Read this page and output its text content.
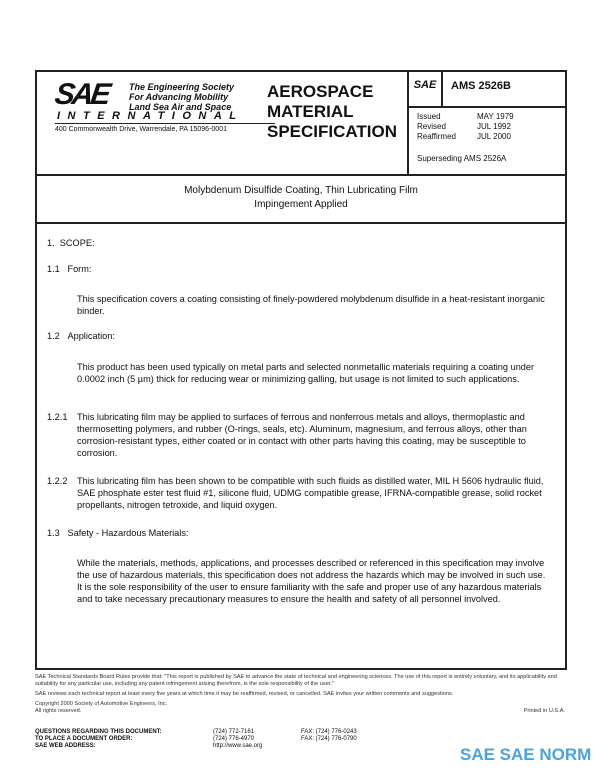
SAE The Engineering Society
For Advancing Mobility
Land Sea Air and Space
INTERNATIONAL
400 Commonwealth Drive, Warrendale, PA 15096-0001
AEROSPACE
MATERIAL
SPECIFICATION
SAE	AMS 2526B
Issued	MAY 1979
Revised	JUL 1992
Reaffirmed	JUL 2000
Superseding AMS 2526A
Molybdenum Disulfide Coating, Thin Lubricating Film
Impingement Applied
1. SCOPE:
1.1 Form:
This specification covers a coating consisting of finely-powdered molybdenum disulfide in a heat-resistant inorganic binder.
1.2 Application:
This product has been used typically on metal parts and selected nonmetallic materials requiring a coating under 0.0002 inch (5 µm) thick for reducing wear or minimizing galling, but usage is not limited to such applications.
1.2.1 This lubricating film may be applied to surfaces of ferrous and nonferrous metals and alloys, thermoplastic and thermosetting polymers, and rubber (O-rings, seals, etc). Aluminum, magnesium, and ferrous alloys, other than corrosion-resistant types, either coated or in contact with other parts having this coating, may be susceptible to corrosion.
1.2.2 This lubricating film has been shown to be compatible with such fluids as distilled water, MIL H 5606 hydraulic fluid, SAE phosphate ester test fluid #1, silicone fluid, UDMG compatible grease, IFRNA-compatible grease, solid rocket propellants, nitrogen tetroxide, and liquid oxygen.
1.3 Safety - Hazardous Materials:
While the materials, methods, applications, and processes described or referenced in this specification may involve the use of hazardous materials, this specification does not address the hazards which may be involved in such use. It is the sole responsibility of the user to ensure familiarity with the safe and proper use of any hazardous materials and to take necessary precautionary measures to ensure the health and safety of all personnel involved.
SAE Technical Standards Board Rules provide that: "This report is published by SAE to advance the state of technical and engineering sciences. The use of this report is entirely voluntary, and its applicability and suitability for any particular use, including any patent infringement arising therefrom, is the sole responsibility of the user."
SAE reviews each technical report at least every five years at which time it may be reaffirmed, revised, or cancelled. SAE invites your written comments and suggestions.
Copyright 2000 Society of Automotive Engineers, Inc.
All rights reserved.	Printed in U.S.A.
QUESTIONS REGARDING THIS DOCUMENT:	(724) 772-7161	FAX: (724) 776-0243
TO PLACE A DOCUMENT ORDER:	(724) 776-4970	FAX: (724) 776-0790
SAE WEB ADDRESS:	http://www.sae.org	SAE SAE NORM
